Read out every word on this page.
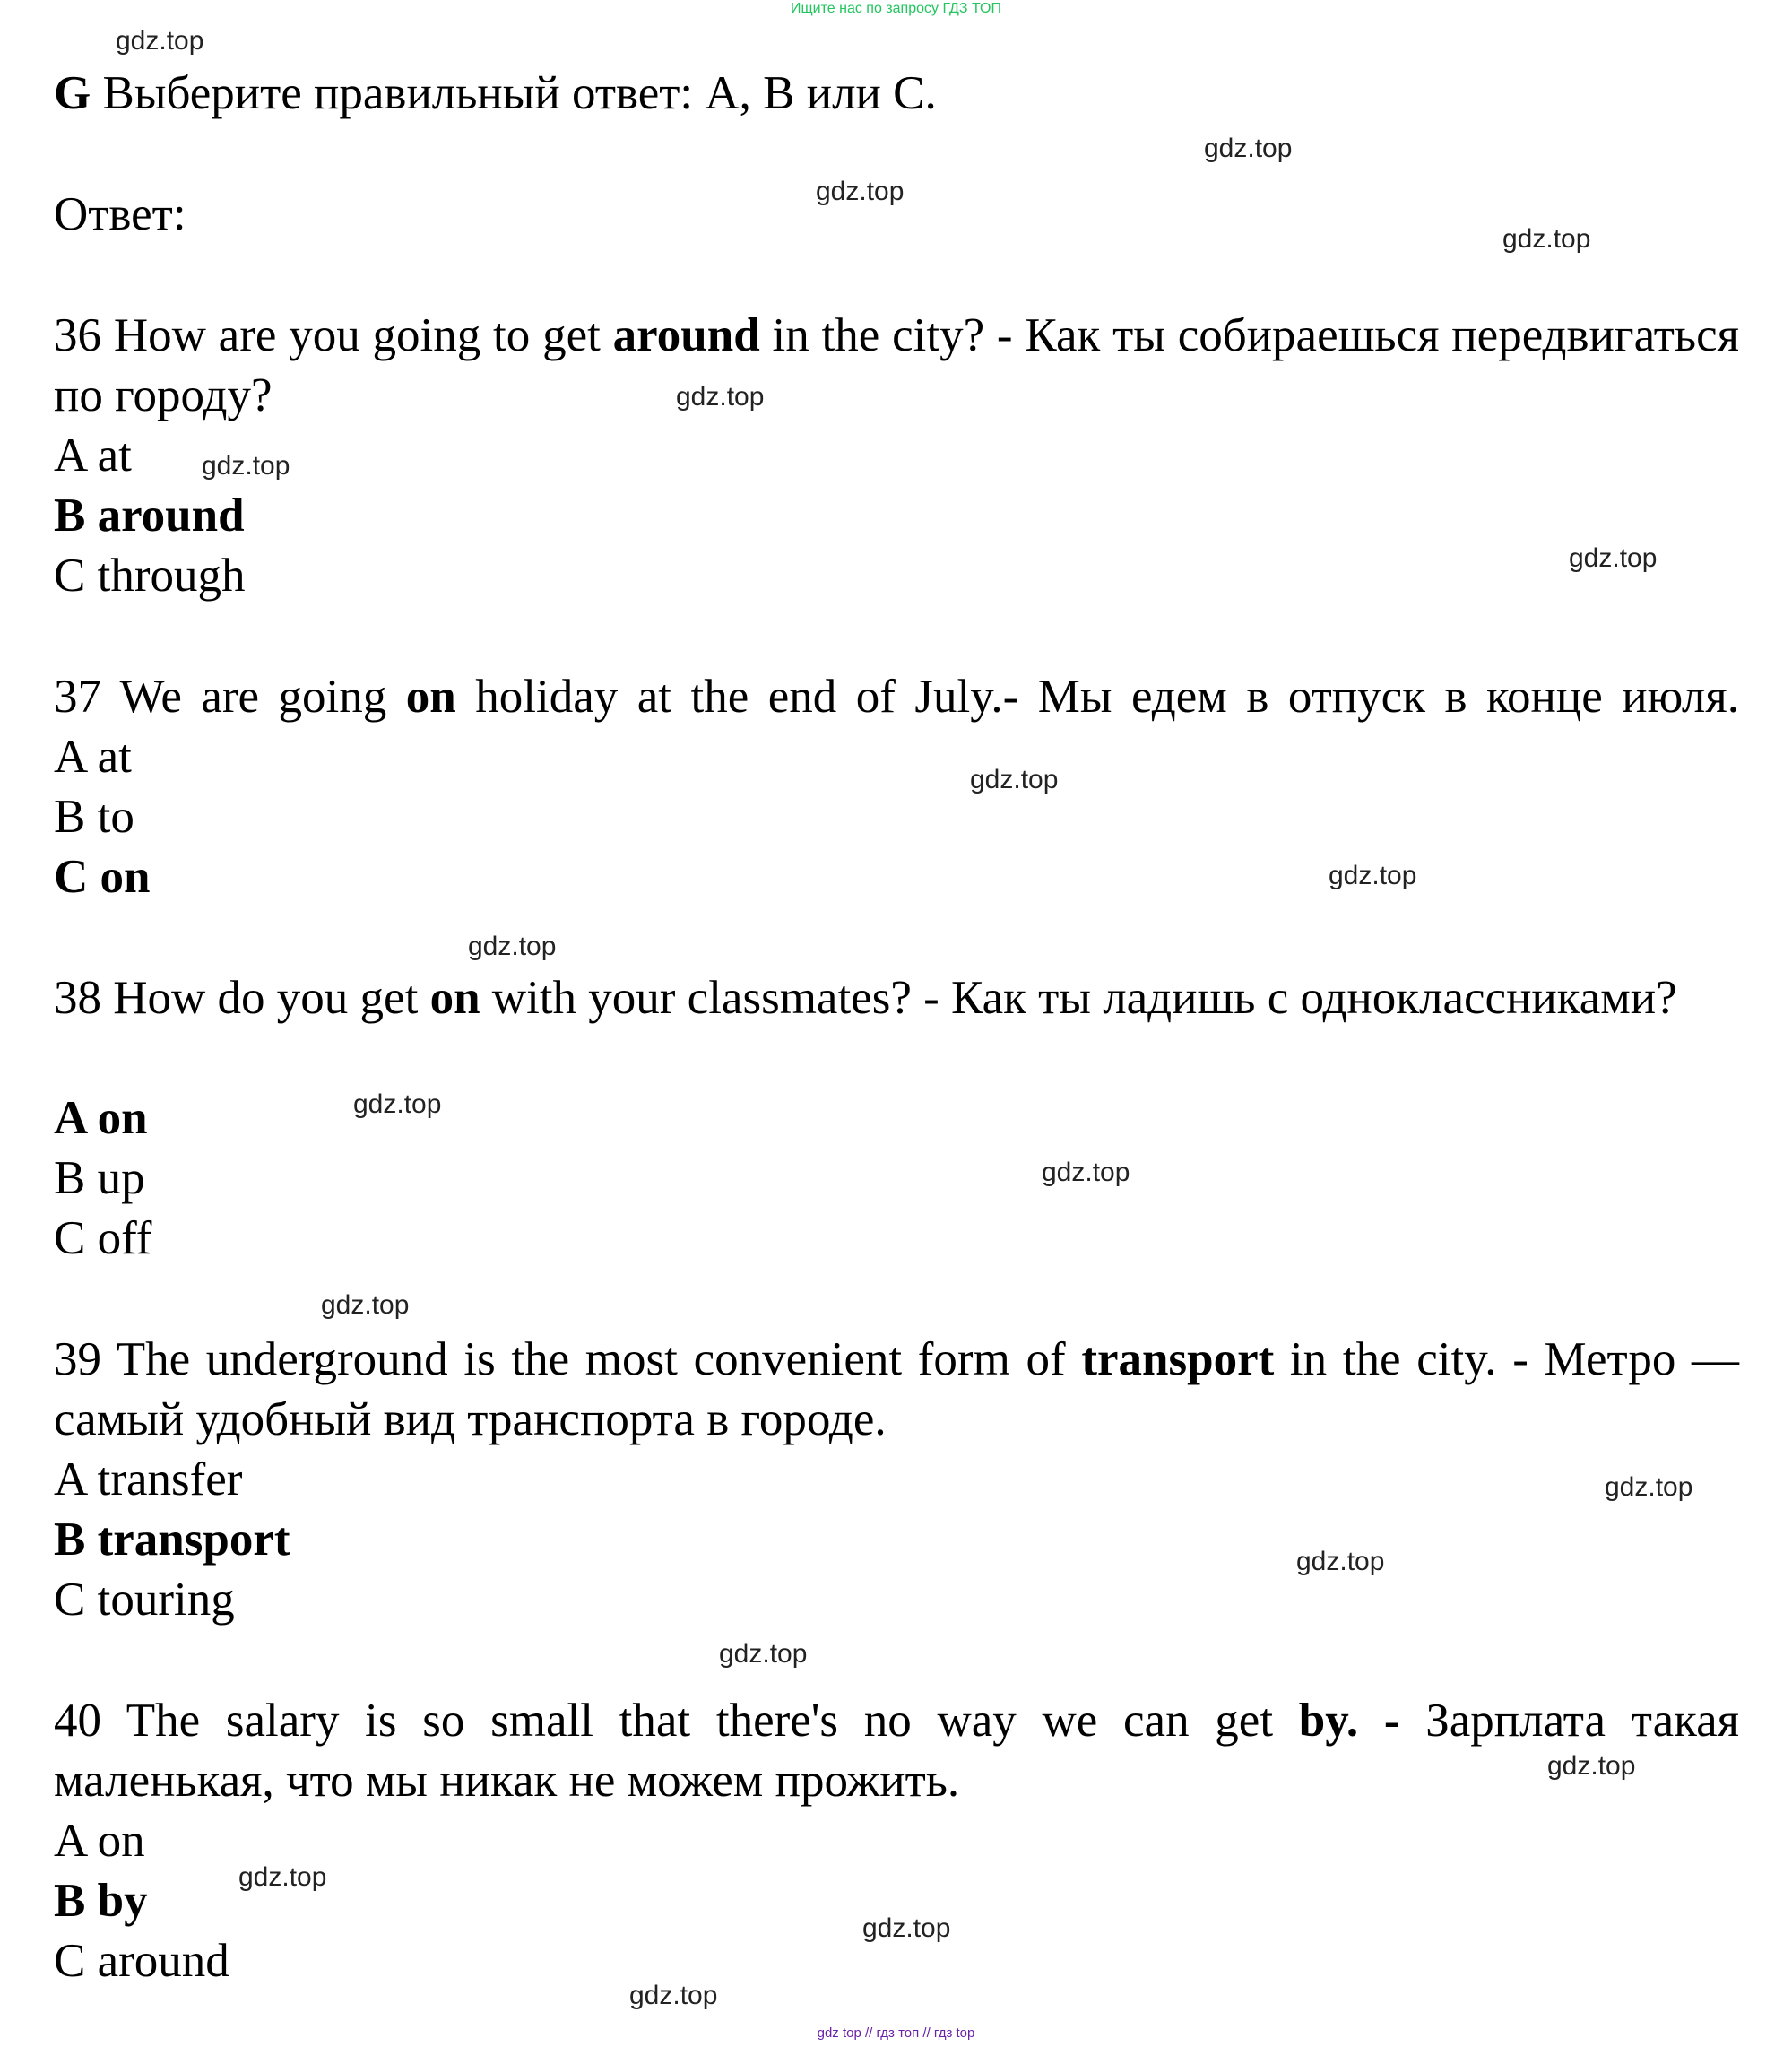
Ищите нас по запросу ГДЗ ТОП
gdz.top
gdz.top
gdz.top
gdz.top
gdz.top
gdz.top
gdz.top
gdz.top
gdz.top
gdz.top
gdz.top
gdz.top
gdz.top
gdz.top
gdz.top
gdz.top
gdz.top
gdz.top
gdz.top
gdz.top
G Выберите правильный ответ: А, В или С.
Ответ:
36 How are you going to get around in the city? - Как ты собираешься передвигаться по городу?
A at
B around
C through
37 We are going on holiday at the end of July.- Мы едем в отпуск в конце июля.
A at
B to
C on
38 How do you get on with your classmates? - Как ты ладишь с одноклассниками?
A on
B up
C off
39 The underground is the most convenient form of transport in the city. - Метро — самый удобный вид транспорта в городе.
A transfer
B transport
C touring
40 The salary is so small that there's no way we can get by. - Зарплата такая маленькая, что мы никак не можем прожить.
A on
B by
C around
gdz top // гдз топ // гдз top
